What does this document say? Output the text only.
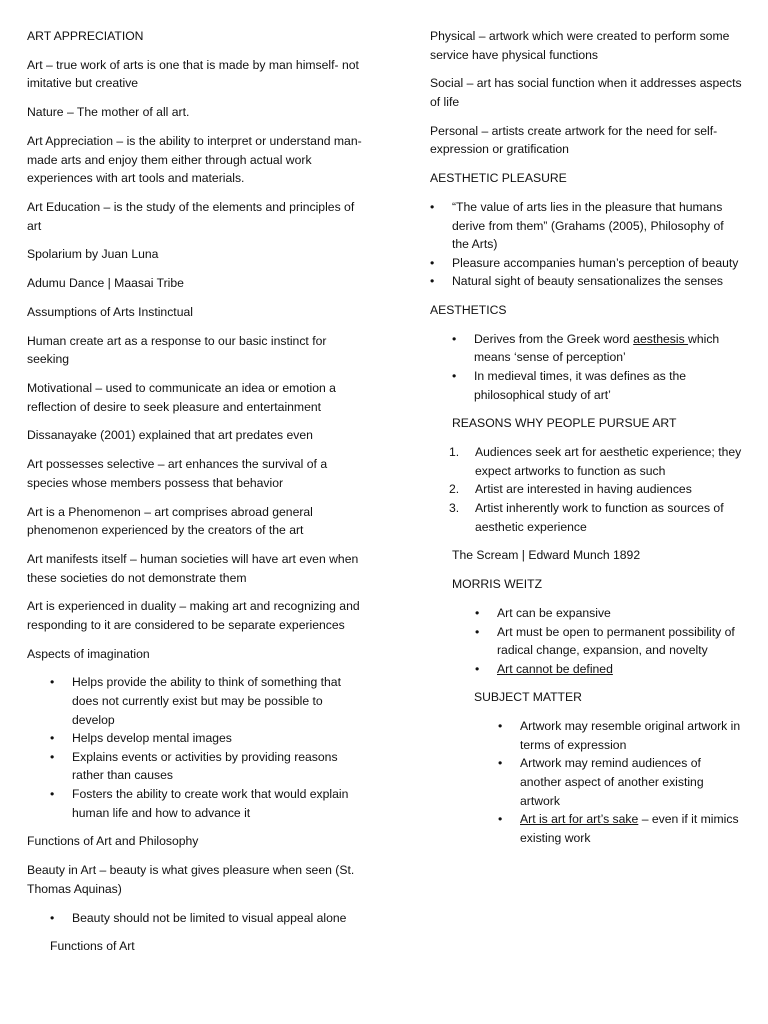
ART APPRECIATION

Art – true work of arts is one that is made by man himself- not imitative but creative

Nature – The mother of all art.

Art Appreciation – is the ability to interpret or understand man-made arts and enjoy them either through actual work experiences with art tools and materials.

Art Education – is the study of the elements and principles of art

Spolarium by Juan Luna

Adumu Dance | Maasai Tribe

Assumptions of Arts Instinctual

Human create art as a response to our basic instinct for seeking

Motivational – used to communicate an idea or emotion a reflection of desire to seek pleasure and entertainment

Dissanayake (2001) explained that art predates even

Art possesses selective – art enhances the survival of a species whose members possess that behavior

Art is a Phenomenon – art comprises abroad general phenomenon experienced by the creators of the art

Art manifests itself – human societies will have art even when these societies do not demonstrate them

Art is experienced in duality – making art and recognizing and responding to it are considered to be separate experiences

Aspects of imagination

• Helps provide the ability to think of something that does not currently exist but may be possible to develop
• Helps develop mental images
• Explains events or activities by providing reasons rather than causes
• Fosters the ability to create work that would explain human life and how to advance it

Functions of Art and Philosophy

Beauty in Art – beauty is what gives pleasure when seen (St. Thomas Aquinas)

• Beauty should not be limited to visual appeal alone

Functions of Art

Physical – artwork which were created to perform some service have physical functions

Social – art has social function when it addresses aspects of life

Personal – artists create artwork for the need for self-expression or gratification

AESTHETIC PLEASURE

• “The value of arts lies in the pleasure that humans derive from them” (Grahams (2005), Philosophy of the Arts)
• Pleasure accompanies human’s perception of beauty
• Natural sight of beauty sensationalizes the senses

AESTHETICS

• Derives from the Greek word aesthesis which means ‘sense of perception’
• In medieval times, it was defines as the philosophical study of art’

REASONS WHY PEOPLE PURSUE ART

1. Audiences seek art for aesthetic experience; they expect artworks to function as such
2. Artist are interested in having audiences
3. Artist inherently work to function as sources of aesthetic experience

The Scream | Edward Munch 1892

MORRIS WEITZ

• Art can be expansive
• Art must be open to permanent possibility of radical change, expansion, and novelty
• Art cannot be defined

SUBJECT MATTER

• Artwork may resemble original artwork in terms of expression
• Artwork may remind audiences of another aspect of another existing artwork
• Art is art for art’s sake – even if it mimics existing work
